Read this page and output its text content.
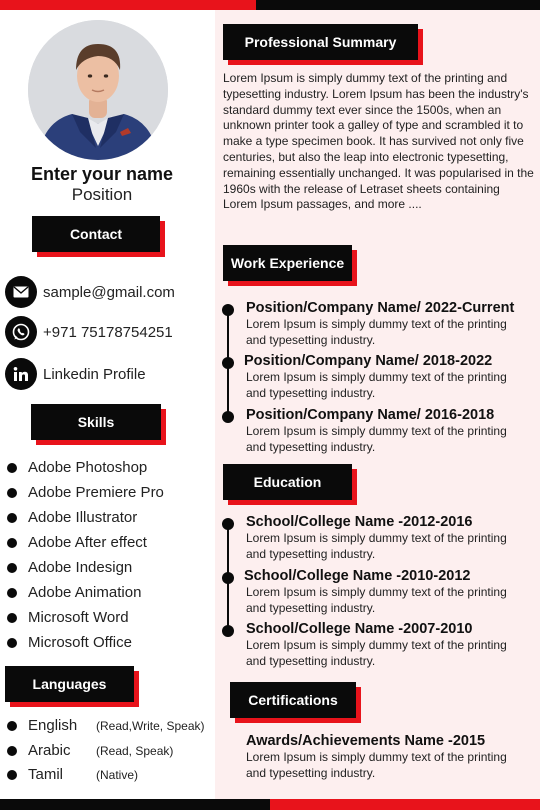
Enter your name
Position
Contact
sample@gmail.com
+971 75178754251
Linkedin Profile
Skills
Adobe Photoshop
Adobe Premiere Pro
Adobe Illustrator
Adobe After effect
Adobe Indesign
Adobe Animation
Microsoft Word
Microsoft Office
Languages
English (Read,Write, Speak)
Arabic (Read, Speak)
Tamil	(Native)
Professional Summary
Lorem Ipsum is simply dummy text of the printing and typesetting industry. Lorem Ipsum has been the industry's standard dummy text ever since the 1500s, when an unknown printer took a galley of type and scrambled it to make a type specimen book. It has survived not only five centuries, but also the leap into electronic typesetting, remaining essentially unchanged. It was popularised in the 1960s with the release of Letraset sheets containing Lorem Ipsum passages, and more ....
Work Experience
Position/Company Name/ 2022-Current
Lorem Ipsum is simply dummy text of the printing
and typesetting industry.
Position/Company Name/ 2018-2022
Lorem Ipsum is simply dummy text of the printing
and typesetting industry.
Position/Company Name/ 2016-2018
Lorem Ipsum is simply dummy text of the printing
and typesetting industry.
Education
School/College Name -2012-2016
Lorem Ipsum is simply dummy text of the printing
and typesetting industry.
School/College Name -2010-2012
Lorem Ipsum is simply dummy text of the printing
and typesetting industry.
School/College Name -2007-2010
Lorem Ipsum is simply dummy text of the printing
and typesetting industry.
Certifications
Awards/Achievements Name -2015
Lorem Ipsum is simply dummy text of the printing
and typesetting industry.
